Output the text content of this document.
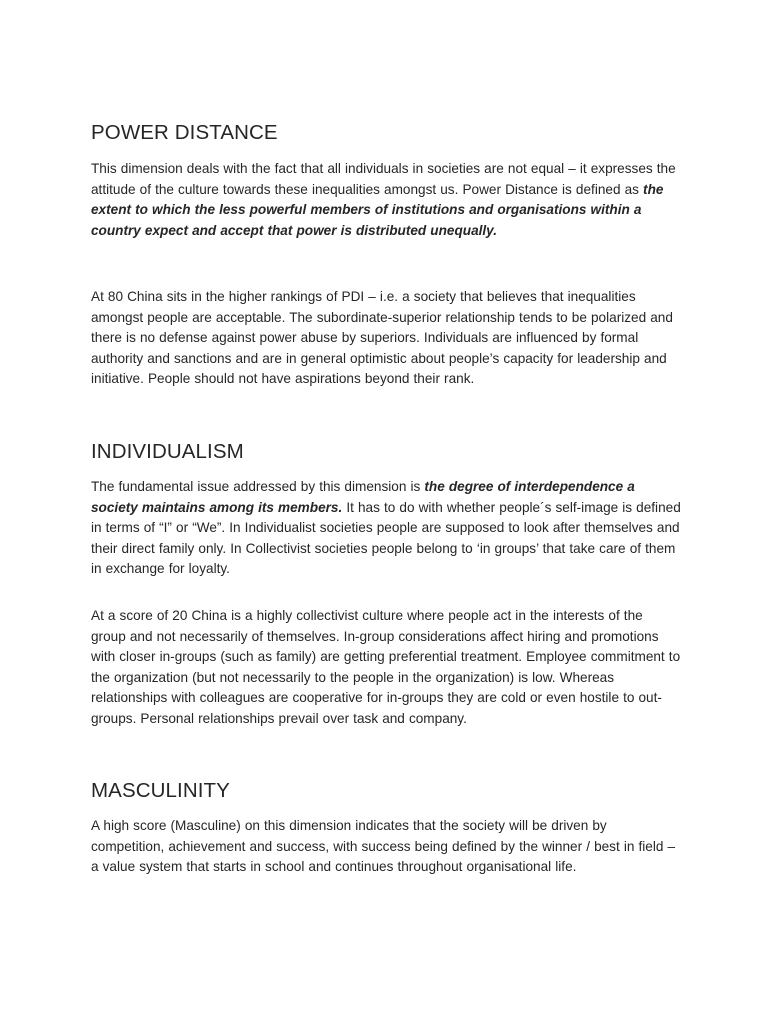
POWER DISTANCE

This dimension deals with the fact that all individuals in societies are not equal – it expresses the attitude of the culture towards these inequalities amongst us. Power Distance is defined as the extent to which the less powerful members of institutions and organisations within a country expect and accept that power is distributed unequally.

At 80 China sits in the higher rankings of PDI – i.e. a society that believes that inequalities amongst people are acceptable. The subordinate-superior relationship tends to be polarized and there is no defense against power abuse by superiors. Individuals are influenced by formal authority and sanctions and are in general optimistic about people’s capacity for leadership and initiative. People should not have aspirations beyond their rank.

INDIVIDUALISM

The fundamental issue addressed by this dimension is the degree of interdependence a society maintains among its members. It has to do with whether people´s self-image is defined in terms of “I” or “We”. In Individualist societies people are supposed to look after themselves and their direct family only. In Collectivist societies people belong to ‘in groups’ that take care of them in exchange for loyalty.

At a score of 20 China is a highly collectivist culture where people act in the interests of the group and not necessarily of themselves. In-group considerations affect hiring and promotions with closer in-groups (such as family) are getting preferential treatment. Employee commitment to the organization (but not necessarily to the people in the organization) is low. Whereas relationships with colleagues are cooperative for in-groups they are cold or even hostile to out-groups. Personal relationships prevail over task and company.

MASCULINITY

A high score (Masculine) on this dimension indicates that the society will be driven by competition, achievement and success, with success being defined by the winner / best in field – a value system that starts in school and continues throughout organisational life.
